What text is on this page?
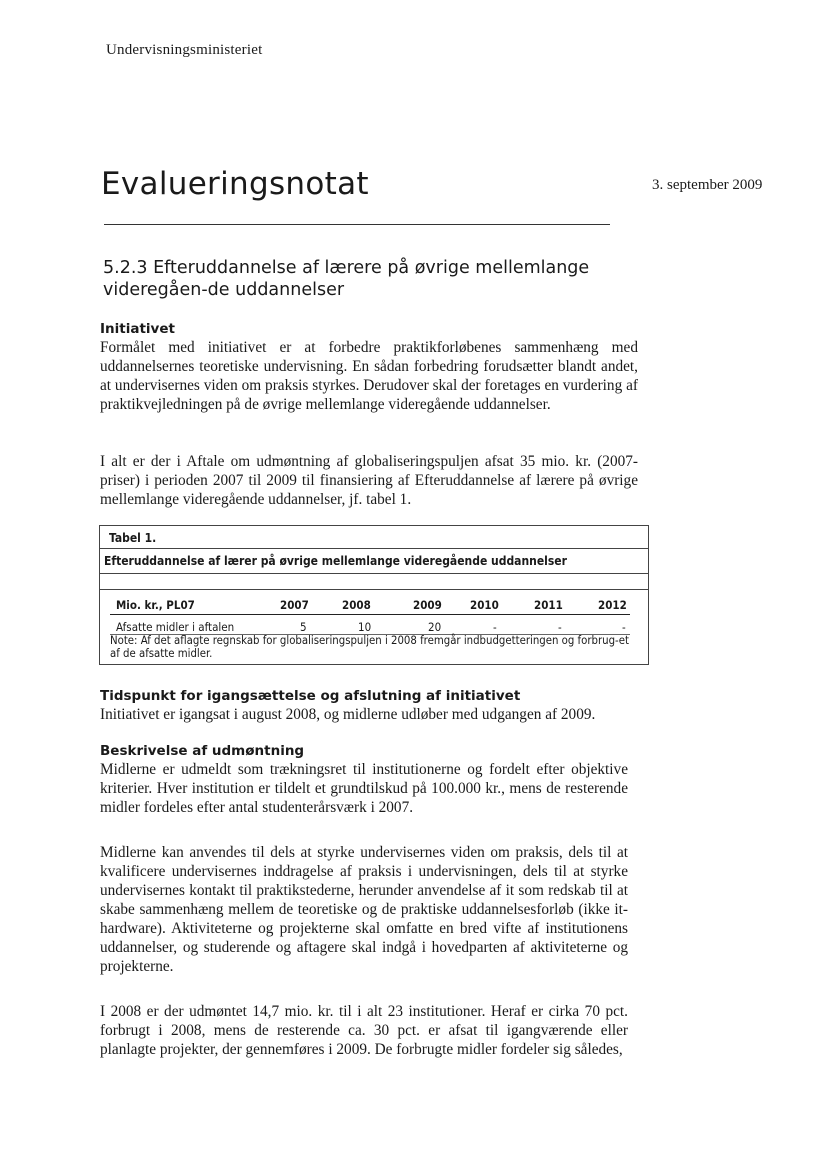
Undervisningsministeriet
Evalueringsnotat	3. september 2009
5.2.3 Efteruddannelse af lærere på øvrige mellemlange videregåen-de uddannelser
Initiativet

Formålet med initiativet er at forbedre praktikforløbenes sammenhæng med uddannelsernes teoretiske undervisning. En sådan forbedring forudsætter blandt andet, at undervisernes viden om praksis styrkes. Derudover skal der foretages en vurdering af praktikvejledningen på de øvrige mellemlange videregående uddannelser.

I alt er der i Aftale om udmøntning af globaliseringspuljen afsat 35 mio. kr. (2007-priser) i perioden 2007 til 2009 til finansiering af Efteruddannelse af lærere på øvrige mellemlange videregående uddannelser, jf. tabel 1.

Tabel 1.
Efteruddannelse af lærer på øvrige mellemlange videregående uddannelser
Mio. kr., PL07	2007	2008	2009 2010	2011	2012
Afsatte midler i aftalen	5	10	20	-	-	-
Note: Af det aflagte regnskab for globaliseringspuljen i 2008 fremgår indbudgetteringen og forbrug-et af de afsatte midler.
Tidspunkt for igangsættelse og afslutning af initiativet

Initiativet er igangsat i august 2008, og midlerne udløber med udgangen af 2009.

Beskrivelse af udmøntning

Midlerne er udmeldt som trækningsret til institutionerne og fordelt efter objektive kriterier. Hver institution er tildelt et grundtilskud på 100.000 kr., mens de resterende midler fordeles efter antal studenterårsværk i 2007.

Midlerne kan anvendes til dels at styrke undervisernes viden om praksis, dels til at kvalificere undervisernes inddragelse af praksis i undervisningen, dels til at styrke undervisernes kontakt til praktikstederne, herunder anvendelse af it som redskab til at skabe sammenhæng mellem de teoretiske og de praktiske uddannelsesforløb (ikke it-hardware). Aktiviteterne og projekterne skal omfatte en bred vifte af institutionens uddannelser, og studerende og aftagere skal indgå i hovedparten af aktiviteterne og projekterne.

I 2008 er der udmøntet 14,7 mio. kr. til i alt 23 institutioner. Heraf er cirka 70 pct. forbrugt i 2008, mens de resterende ca. 30 pct. er afsat til igangværende eller planlagte projekter, der gennemføres i 2009. De forbrugte midler fordeler sig således,
